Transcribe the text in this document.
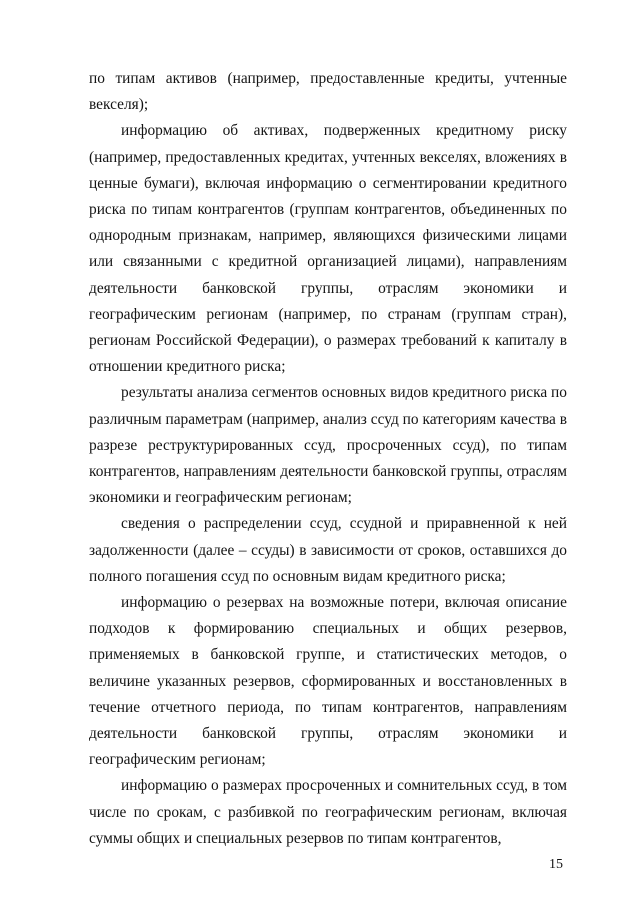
по типам активов (например, предоставленные кредиты, учтенные векселя);

информацию об активах, подверженных кредитному риску (например, предоставленных кредитах, учтенных векселях, вложениях в ценные бумаги), включая информацию о сегментировании кредитного риска по типам контрагентов (группам контрагентов, объединенных по однородным признакам, например, являющихся физическими лицами или связанными с кредитной организацией лицами), направлениям деятельности банковской группы, отраслям экономики и географическим регионам (например, по странам (группам стран), регионам Российской Федерации), о размерах требований к капиталу в отношении кредитного риска;

результаты анализа сегментов основных видов кредитного риска по различным параметрам (например, анализ ссуд по категориям качества в разрезе реструктурированных ссуд, просроченных ссуд), по типам контрагентов, направлениям деятельности банковской группы, отраслям экономики и географическим регионам;

сведения о распределении ссуд, ссудной и приравненной к ней задолженности (далее – ссуды) в зависимости от сроков, оставшихся до полного погашения ссуд по основным видам кредитного риска;

информацию о резервах на возможные потери, включая описание подходов к формированию специальных и общих резервов, применяемых в банковской группе, и статистических методов, о величине указанных резервов, сформированных и восстановленных в течение отчетного периода, по типам контрагентов, направлениям деятельности банковской группы, отраслям экономики и географическим регионам;

информацию о размерах просроченных и сомнительных ссуд, в том числе по срокам, с разбивкой по географическим регионам, включая суммы общих и специальных резервов по типам контрагентов,

15
